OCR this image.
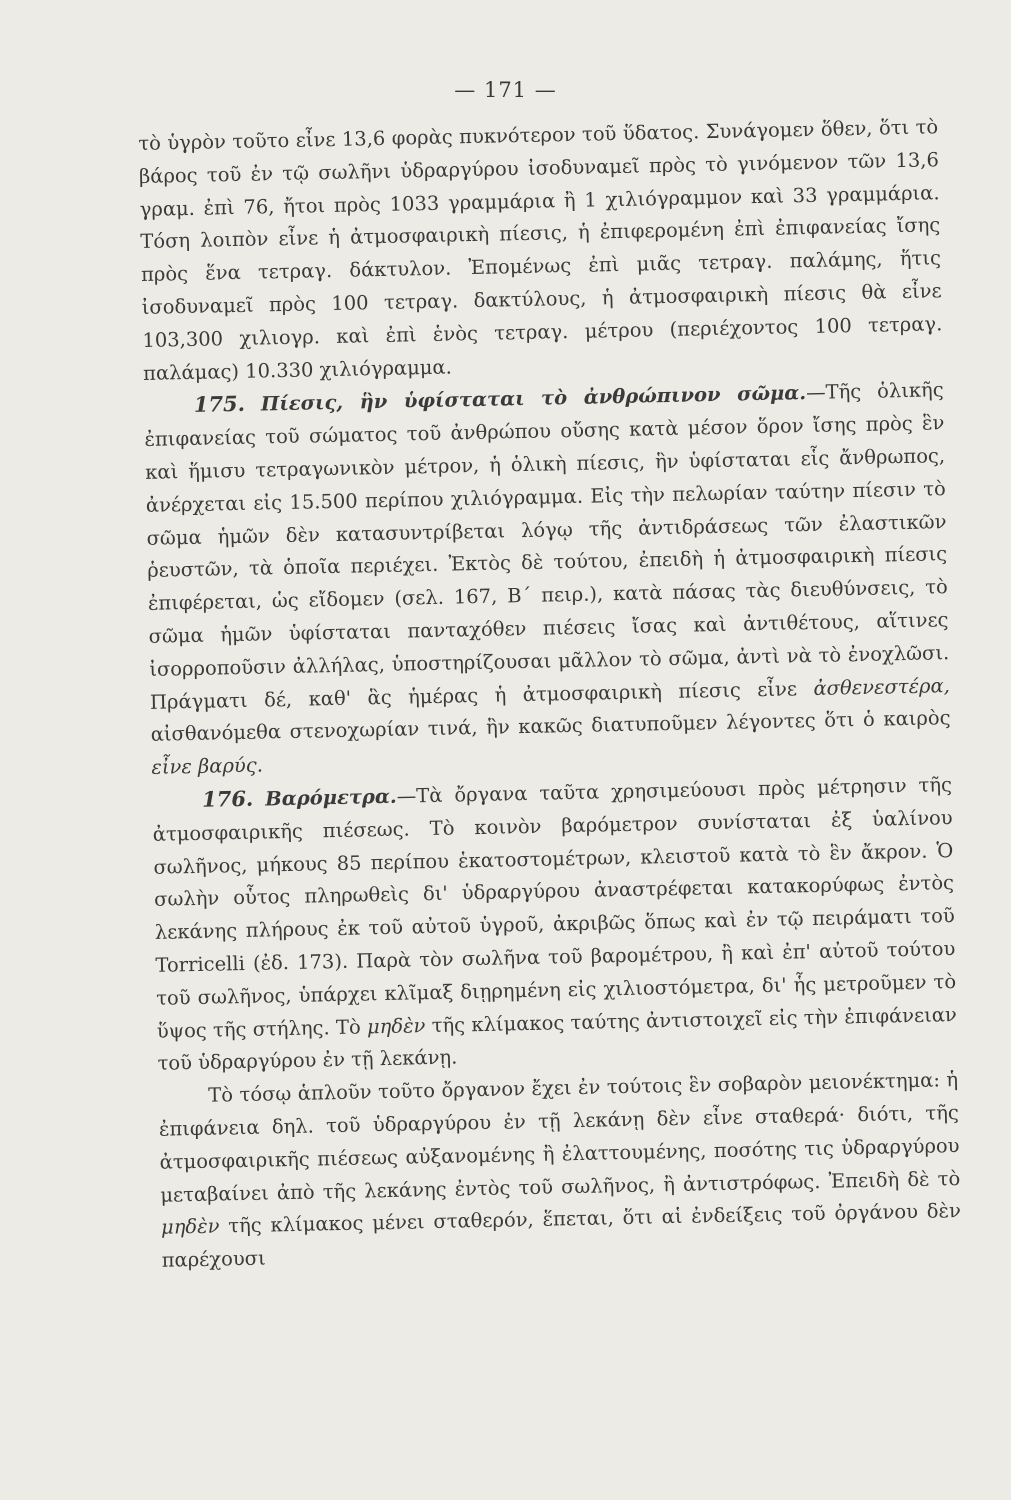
— 171 —

τὸ ὑγρὸν τοῦτο εἶνε 13,6 φορὰς πυκνότερον τοῦ ὕδατος. Συνάγομεν ὅθεν, ὅτι τὸ βάρος τοῦ ἐν τῷ σωλῆνι ὑδραργύρου ἰσοδυναμεῖ πρὸς τὸ γινόμενον τῶν 13,6 γραμ. ἐπὶ 76, ἤτοι πρὸς 1033 γραμμάρια ἢ 1 χιλιόγραμμον καὶ 33 γραμμάρια. Τόση λοιπὸν εἶνε ἡ ἀτμοσφαιρικὴ πίεσις, ἡ ἐπιφερομένη ἐπὶ ἐπιφανείας ἴσης πρὸς ἕνα τετραγ. δάκτυλον. Ἐπομένως ἐπὶ μιᾶς τετραγ. παλάμης, ἥτις ἰσοδυναμεῖ πρὸς 100 τετραγ. δακτύλους, ἡ ἀτμοσφαιρικὴ πίεσις θὰ εἶνε 103,300 χιλιογρ. καὶ ἐπὶ ἑνὸς τετραγ. μέτρου (περιέχοντος 100 τετραγ. παλάμας) 10.330 χιλιόγραμμα.

175. Πίεσις, ἣν ὑφίσταται τὸ ἀνθρώπινον σῶμα.—Τῆς ὁλικῆς ἐπιφανείας τοῦ σώματος τοῦ ἀνθρώπου οὔσης κατὰ μέσον ὅρον ἴσης πρὸς ἓν καὶ ἥμισυ τετραγωνικὸν μέτρον, ἡ ὁλικὴ πίεσις, ἣν ὑφίσταται εἷς ἄνθρωπος, ἀνέρχεται εἰς 15.500 περίπου χιλιόγραμμα. Εἰς τὴν πελωρίαν ταύτην πίεσιν τὸ σῶμα ἡμῶν δὲν κατασυντρίβεται λόγῳ τῆς ἀντιδράσεως τῶν ἐλαστικῶν ῥευστῶν, τὰ ὁποῖα περιέχει. Ἐκτὸς δὲ τούτου, ἐπειδὴ ἡ ἀτμοσφαιρικὴ πίεσις ἐπιφέρεται, ὡς εἴδομεν (σελ. 167, Β΄ πειρ.), κατὰ πάσας τὰς διευθύνσεις, τὸ σῶμα ἡμῶν ὑφίσταται πανταχόθεν πιέσεις ἴσας καὶ ἀντιθέτους, αἵτινες ἰσορροποῦσιν ἀλλήλας, ὑποστηρίζουσαι μᾶλλον τὸ σῶμα, ἀντὶ νὰ τὸ ἐνοχλῶσι. Πράγματι δέ, καθ' ἃς ἡμέρας ἡ ἀτμοσφαιρικὴ πίεσις εἶνε ἀσθενεστέρα, αἰσθανόμεθα στενοχωρίαν τινά, ἣν κακῶς διατυποῦμεν λέγοντες ὅτι ὁ καιρὸς εἶνε βαρύς.

176. Βαρόμετρα.—Τὰ ὄργανα ταῦτα χρησιμεύουσι πρὸς μέτρησιν τῆς ἀτμοσφαιρικῆς πιέσεως. Τὸ κοινὸν βαρόμετρον συνίσταται ἐξ ὑαλίνου σωλῆνος, μήκους 85 περίπου ἑκατοστομέτρων, κλειστοῦ κατὰ τὸ ἓν ἄκρον. Ὁ σωλὴν οὗτος πληρωθεὶς δι' ὑδραργύρου ἀναστρέφεται κατακορύφως ἐντὸς λεκάνης πλήρους ἐκ τοῦ αὐτοῦ ὑγροῦ, ἀκριβῶς ὅπως καὶ ἐν τῷ πειράματι τοῦ Torricelli (ἐδ. 173). Παρὰ τὸν σωλῆνα τοῦ βαρομέτρου, ἢ καὶ ἐπ' αὐτοῦ τούτου τοῦ σωλῆνος, ὑπάρχει κλῖμαξ διῃρημένη εἰς χιλιοστόμετρα, δι' ἧς μετροῦμεν τὸ ὕψος τῆς στήλης. Τὸ μηδὲν τῆς κλίμακος ταύτης ἀντιστοιχεῖ εἰς τὴν ἐπιφάνειαν τοῦ ὑδραργύρου ἐν τῇ λεκάνῃ.

Τὸ τόσῳ ἁπλοῦν τοῦτο ὄργανον ἔχει ἐν τούτοις ἓν σοβαρὸν μειονέκτημα: ἡ ἐπιφάνεια δηλ. τοῦ ὑδραργύρου ἐν τῇ λεκάνῃ δὲν εἶνε σταθερά· διότι, τῆς ἀτμοσφαιρικῆς πιέσεως αὐξανομένης ἢ ἐλαττουμένης, ποσότης τις ὑδραργύρου μεταβαίνει ἀπὸ τῆς λεκάνης ἐντὸς τοῦ σωλῆνος, ἢ ἀντιστρόφως. Ἐπειδὴ δὲ τὸ μηδὲν τῆς κλίμακος μένει σταθερόν, ἕπεται, ὅτι αἱ ἐνδείξεις τοῦ ὀργάνου δὲν παρέχουσι
